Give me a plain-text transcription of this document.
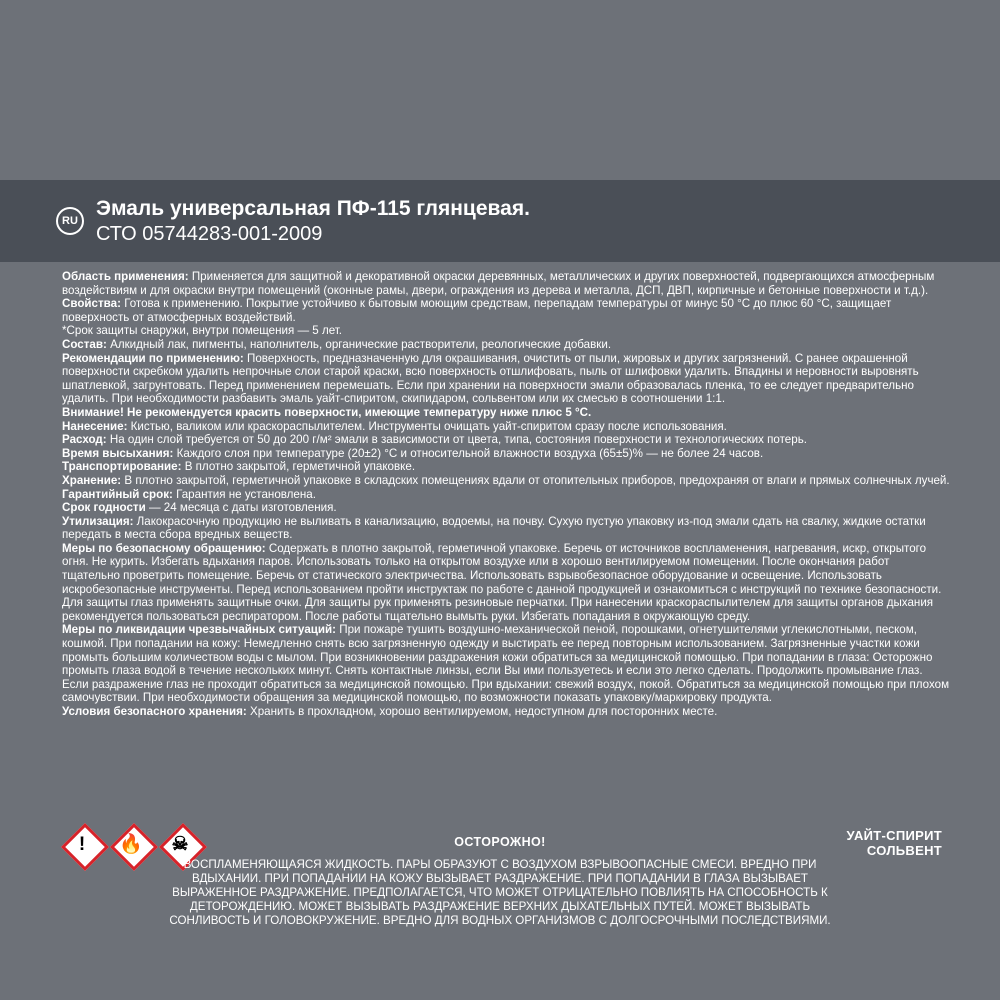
RU
Эмаль универсальная ПФ-115 глянцевая.
СТО 05744283-001-2009

Область применения: Применяется для защитной и декоративной окраски деревянных, металлических и других поверхностей, подвергающихся атмосферным воздействиям и для окраски внутри помещений (оконные рамы, двери, ограждения из дерева и металла, ДСП, ДВП, кирпичные и бетонные поверхности и т.д.).

Свойства: Готова к применению. Покрытие устойчиво к бытовым моющим средствам, перепадам температуры от минус 50 °С до плюс 60 °С, защищает поверхность от атмосферных воздействий.

*Срок защиты снаружи, внутри помещения — 5 лет.

Состав: Алкидный лак, пигменты, наполнитель, органические растворители, реологические добавки.

Рекомендации по применению: Поверхность, предназначенную для окрашивания, очистить от пыли, жировых и других загрязнений. С ранее окрашенной поверхности скребком удалить непрочные слои старой краски, всю поверхность отшлифовать, пыль от шлифовки удалить. Впадины и неровности выровнять шпатлевкой, загрунтовать. Перед применением перемешать. Если при хранении на поверхности эмали образовалась пленка, то ее следует предварительно удалить. При необходимости разбавить эмаль уайт-спиритом, скипидаром, сольвентом или их смесью в соотношении 1:1.

Внимание! Не рекомендуется красить поверхности, имеющие температуру ниже плюс 5 °С.

Нанесение: Кистью, валиком или краскораспылителем. Инструменты очищать уайт-спиритом сразу после использования.

Расход: На один слой требуется от 50 до 200 г/м² эмали в зависимости от цвета, типа, состояния поверхности и технологических потерь.

Время высыхания: Каждого слоя при температуре (20±2) °С и относительной влажности воздуха (65±5)% — не более 24 часов.

Транспортирование: В плотно закрытой, герметичной упаковке.

Хранение: В плотно закрытой, герметичной упаковке в складских помещениях вдали от отопительных приборов, предохраняя от влаги и прямых солнечных лучей.

Гарантийный срок: Гарантия не установлена.

Срок годности — 24 месяца с даты изготовления.

Утилизация: Лакокрасочную продукцию не выливать в канализацию, водоемы, на почву. Сухую пустую упаковку из-под эмали сдать на свалку, жидкие остатки передать в места сбора вредных веществ.

Меры по безопасному обращению: Содержать в плотно закрытой, герметичной упаковке. Беречь от источников воспламенения, нагревания, искр, открытого огня. Не курить. Избегать вдыхания паров. Использовать только на открытом воздухе или в хорошо вентилируемом помещении. После окончания работ тщательно проветрить помещение. Беречь от статического электричества. Использовать взрывобезопасное оборудование и освещение. Использовать искробезопасные инструменты. Перед использованием пройти инструктаж по работе с данной продукцией и ознакомиться с инструкций по технике безопасности. Для защиты глаз применять защитные очки. Для защиты рук применять резиновые перчатки. При нанесении краскораспылителем для защиты органов дыхания рекомендуется пользоваться респиратором. После работы тщательно вымыть руки. Избегать попадания в окружающую среду.

Меры по ликвидации чрезвычайных ситуаций: При пожаре тушить воздушно-механической пеной, порошками, огнетушителями углекислотными, песком, кошмой. При попадании на кожу: Немедленно снять всю загрязненную одежду и выстирать ее перед повторным использованием. Загрязненные участки кожи промыть большим количеством воды с мылом. При возникновении раздражения кожи обратиться за медицинской помощью. При попадании в глаза: Осторожно промыть глаза водой в течение нескольких минут. Снять контактные линзы, если Вы ими пользуетесь и если это легко сделать. Продолжить промывание глаз. Если раздражение глаз не проходит обратиться за медицинской помощью. При вдыхании: свежий воздух, покой. Обратиться за медицинской помощью при плохом самочувствии. При необходимости обращения за медицинской помощью, по возможности показать упаковку/маркировку продукта.

Условия безопасного хранения: Хранить в прохладном, хорошо вентилируемом, недоступном для посторонних месте.

!	🔥	☠	ОСТОРОЖНО!
ВОСПЛАМЕНЯЮЩАЯСЯ ЖИДКОСТЬ. ПАРЫ ОБРАЗУЮТ С ВОЗДУХОМ ВЗРЫВООПАСНЫЕ СМЕСИ. ВРЕДНО ПРИ ВДЫХАНИИ. ПРИ ПОПАДАНИИ НА КОЖУ ВЫЗЫВАЕТ РАЗДРАЖЕНИЕ. ПРИ ПОПАДАНИИ В ГЛАЗА ВЫЗЫВАЕТ ВЫРАЖЕННОЕ РАЗДРАЖЕНИЕ. ПРЕДПОЛАГАЕТСЯ, ЧТО МОЖЕТ ОТРИЦАТЕЛЬНО ПОВЛИЯТЬ НА СПОСОБНОСТЬ К ДЕТОРОЖДЕНИЮ. МОЖЕТ ВЫЗЫВАТЬ РАЗДРАЖЕНИЕ ВЕРХНИХ ДЫХАТЕЛЬНЫХ ПУТЕЙ. МОЖЕТ ВЫЗЫВАТЬ СОНЛИВОСТЬ И ГОЛОВОКРУЖЕНИЕ. ВРЕДНО ДЛЯ ВОДНЫХ ОРГАНИЗМОВ С ДОЛГОСРОЧНЫМИ ПОСЛЕДСТВИЯМИ.
УАЙТ-СПИРИТ
СОЛЬВЕНТ
